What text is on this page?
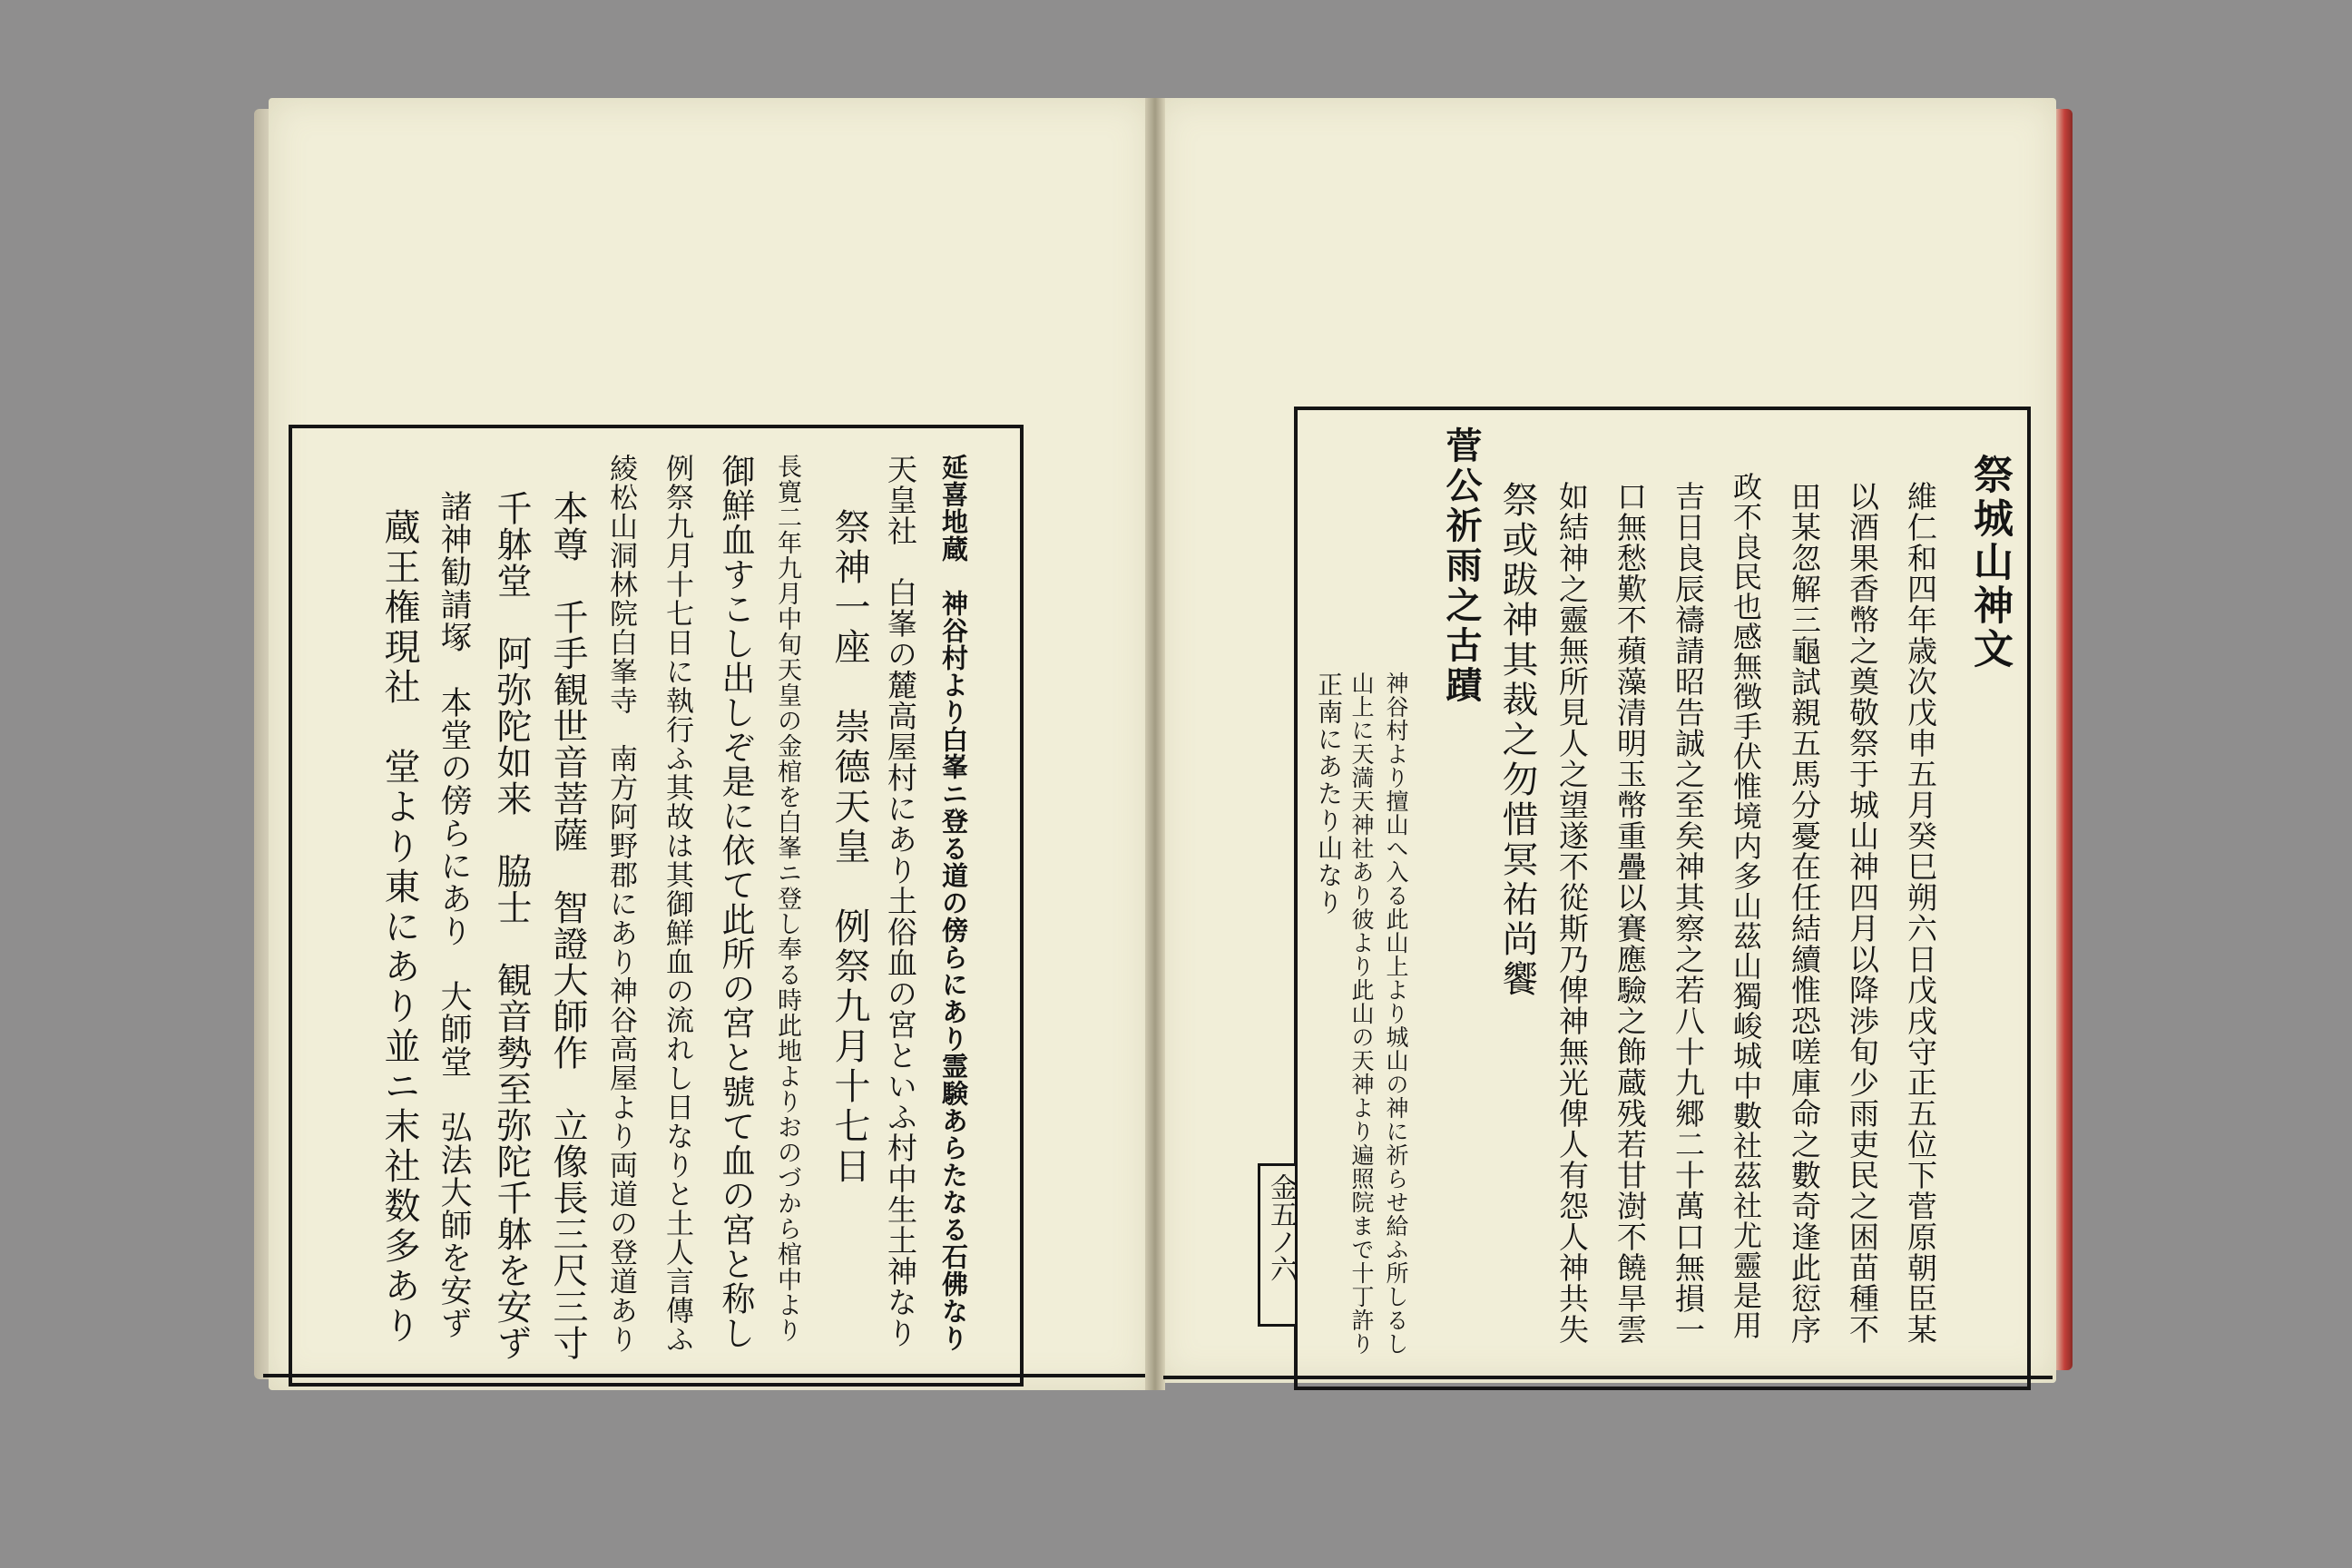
延喜地蔵　神谷村より白峯ニ登る道の傍らにあり霊験あらたなる石佛なり
天皇社　白峯の麓高屋村にあり土俗血の宮といふ村中生土神なり
祭神一座　崇德天皇　例祭九月十七日
長寛二年九月中旬天皇の金棺を白峯ニ登し奉る時此地よりおのづから棺中より
御鮮血すこし出しぞ是に依て此所の宮と號て血の宮と称し
例祭九月十七日に執行ふ其故は其御鮮血の流れし日なりと土人言傳ふ
綾松山洞林院白峯寺　南方阿野郡にあり神谷高屋より両道の登道あり
本尊　千手観世音菩薩　智證大師作　立像長三尺三寸
千躰堂　阿弥陀如来　脇士　観音勢至弥陀千躰を安ず
諸神勧請塚　本堂の傍らにあり　大師堂　弘法大師を安ず
蔵王権現社　堂より東にあり並ニ末社数多あり	祭城山神文
維仁和四年歳次戊申五月癸巳朔六日戊戌守正五位下菅原朝臣某
以酒果香幣之奠敬祭于城山神四月以降渉旬少雨吏民之困苗種不
田某忽解三龜試親五馬分憂在任結續惟恐嗟庫命之數奇逢此愆序
政不良民也感無徴手伏惟境内多山茲山獨峻城中數社茲社尤靈是用
吉日良辰禱請昭告誠之至矣神其察之若八十九郷二十萬口無損一
口無愁歎不蘋藻清明玉幣重疊以賽應驗之飾蔵残若甘澍不饒旱雲
如結神之靈無所見人之望遂不從斯乃俾神無光俾人有怨人神共失
祭或跋神其裁之勿惜冥祐尚饗
菅公祈雨之古蹟
神谷村より擅山へ入る此山上より城山の神に祈らせ給ふ所しるし
山上に天満天神社あり彼より此山の天神より遍照院まで十丁許り
正南にあたり山なり
金五ノ六
